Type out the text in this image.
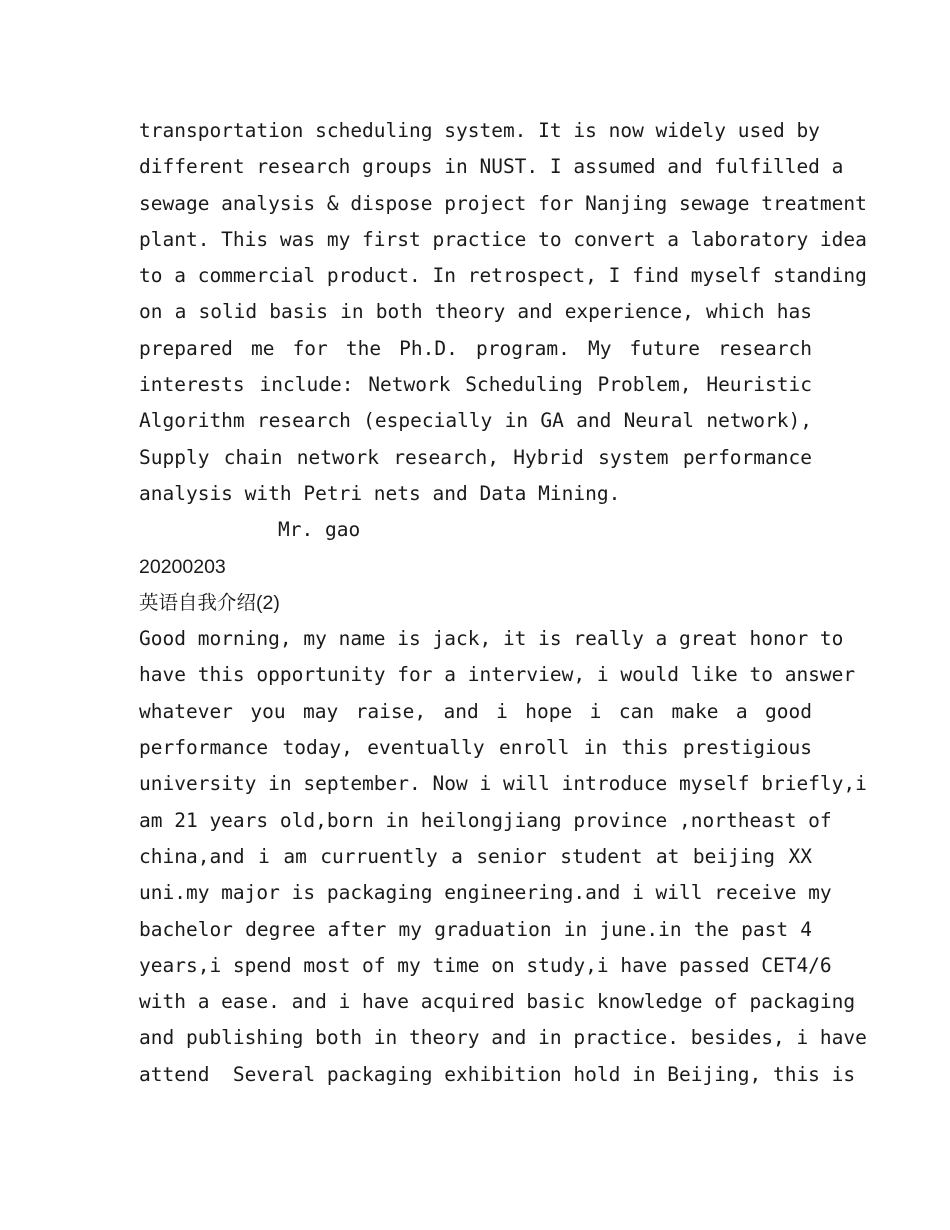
transportation scheduling system. It is now widely used by
different research groups in NUST. I assumed and fulfilled a
sewage analysis & dispose project for Nanjing sewage treatment
plant. This was my first practice to convert a laboratory idea
to a commercial product. In retrospect, I find myself standing
on a solid basis in both theory and experience, which has
prepared me for the Ph.D. program. My future research
interests include: Network Scheduling Problem, Heuristic
Algorithm research (especially in GA and Neural network),
Supply chain network research, Hybrid system performance
analysis with Petri nets and Data Mining.
Mr. gao
20200203
英语自我介绍(2)
Good morning, my name is jack, it is really a great honor to
have this opportunity for a interview, i would like to answer
whatever you may raise, and i hope i can make a good
performance today, eventually enroll in this prestigious
university in september. Now i will introduce myself briefly,i
am 21 years old,born in heilongjiang province ,northeast of
china,and i am curruently a senior student at beijing XX
uni.my major is packaging engineering.and i will receive my
bachelor degree after my graduation in june.in the past 4
years,i spend most of my time on study,i have passed CET4/6
with a ease. and i have acquired basic knowledge of packaging
and publishing both in theory and in practice. besides, i have
attend  Several packaging exhibition hold in Beijing, this is
